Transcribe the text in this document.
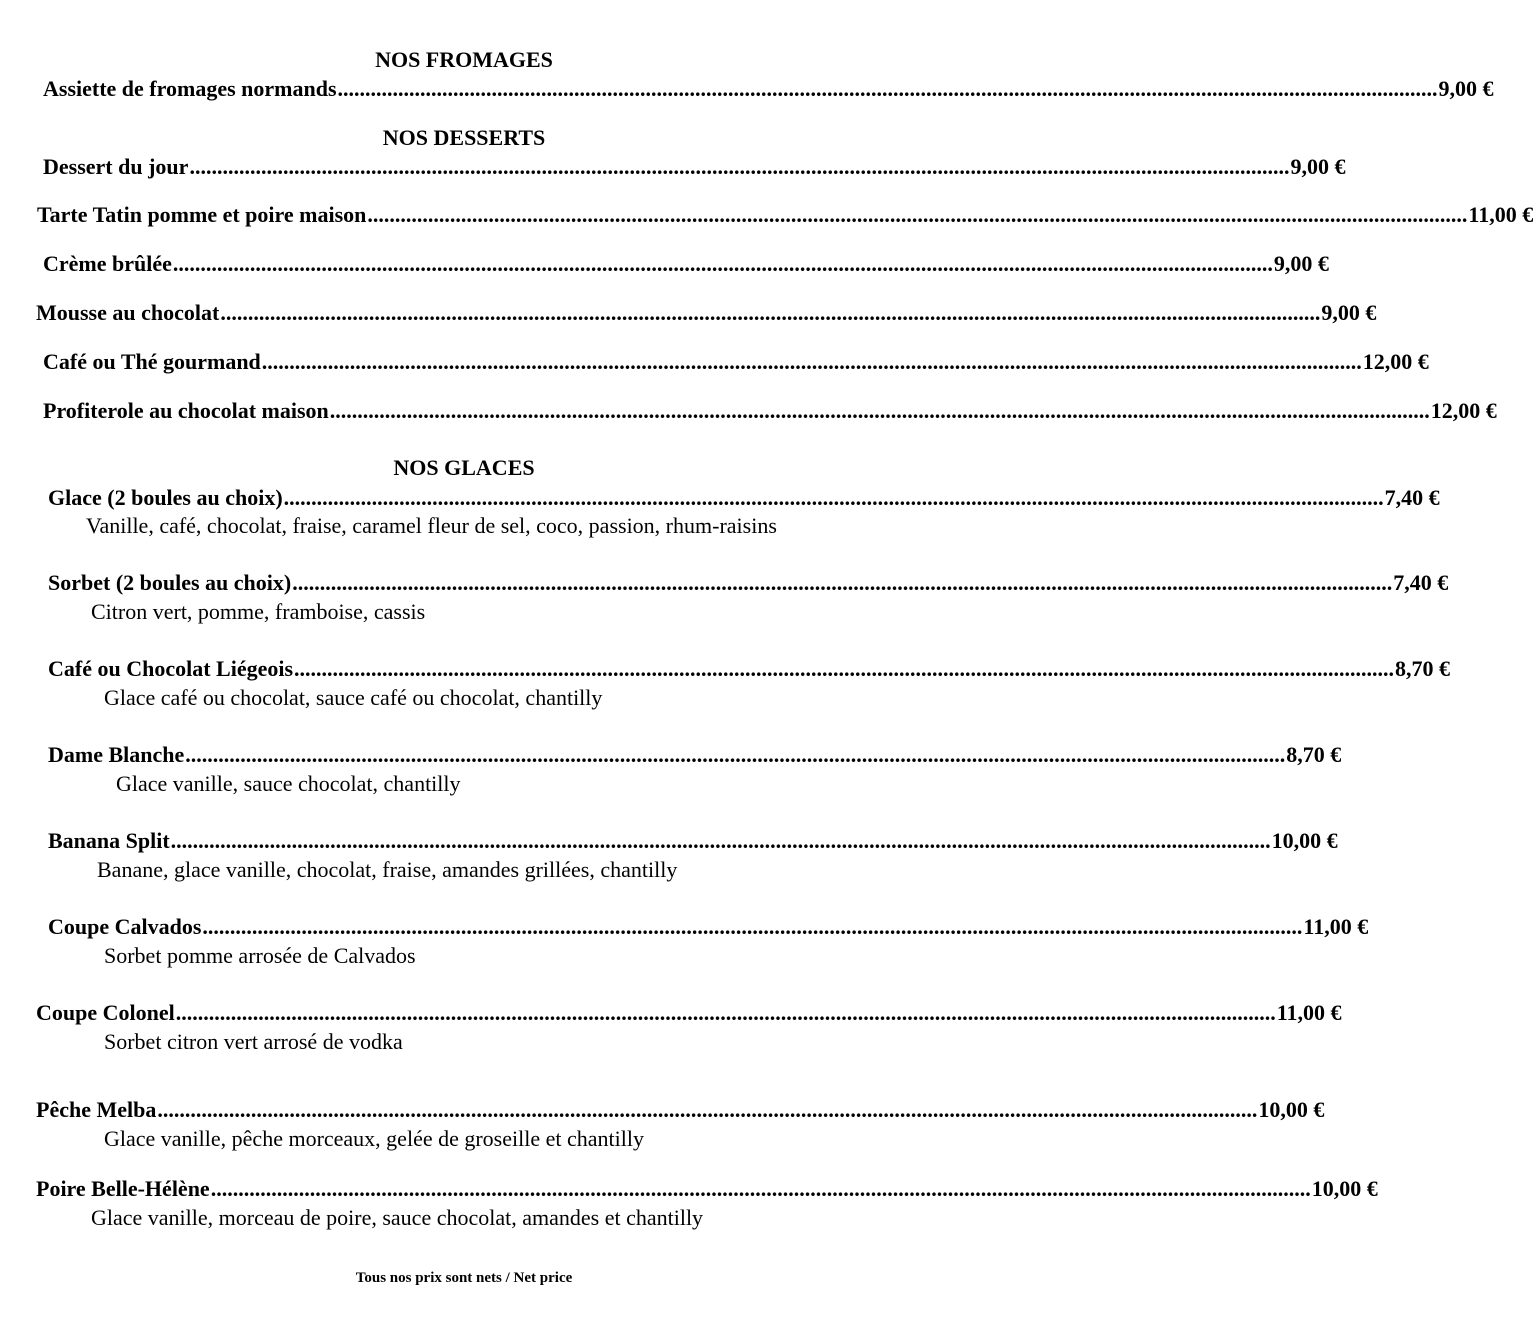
NOS FROMAGES
Assiette de fromages normands ........................................................................................................................................................................................................ 9,00 €
NOS DESSERTS
Dessert du jour ........................................................................................................................................................................................................ 9,00 €
Tarte Tatin pomme et poire maison ........................................................................................................................................................................................................ 11,00 €
Crème brûlée ........................................................................................................................................................................................................ 9,00 €
Mousse au chocolat ........................................................................................................................................................................................................ 9,00 €
Café ou Thé gourmand ........................................................................................................................................................................................................ 12,00 €
Profiterole au chocolat maison ........................................................................................................................................................................................................ 12,00 €
NOS GLACES
Glace (2 boules au choix) ........................................................................................................................................................................................................ 7,40 €
Vanille, café, chocolat, fraise, caramel fleur de sel, coco, passion, rhum-raisins
Sorbet (2 boules au choix) ........................................................................................................................................................................................................ 7,40 €
Citron vert, pomme, framboise, cassis
Café ou Chocolat Liégeois ........................................................................................................................................................................................................ 8,70 €
Glace café ou chocolat, sauce café ou chocolat, chantilly
Dame Blanche ........................................................................................................................................................................................................ 8,70 €
Glace vanille, sauce chocolat, chantilly
Banana Split ........................................................................................................................................................................................................ 10,00 €
Banane, glace vanille, chocolat, fraise, amandes grillées, chantilly
Coupe Calvados ........................................................................................................................................................................................................ 11,00 €
Sorbet pomme arrosée de Calvados
Coupe Colonel ........................................................................................................................................................................................................ 11,00 €
Sorbet citron vert arrosé de vodka
Pêche Melba ........................................................................................................................................................................................................ 10,00 €
Glace vanille, pêche morceaux, gelée de groseille et chantilly
Poire Belle-Hélène ........................................................................................................................................................................................................ 10,00 €
Glace vanille, morceau de poire, sauce chocolat, amandes et chantilly
Tous nos prix sont nets / Net price
